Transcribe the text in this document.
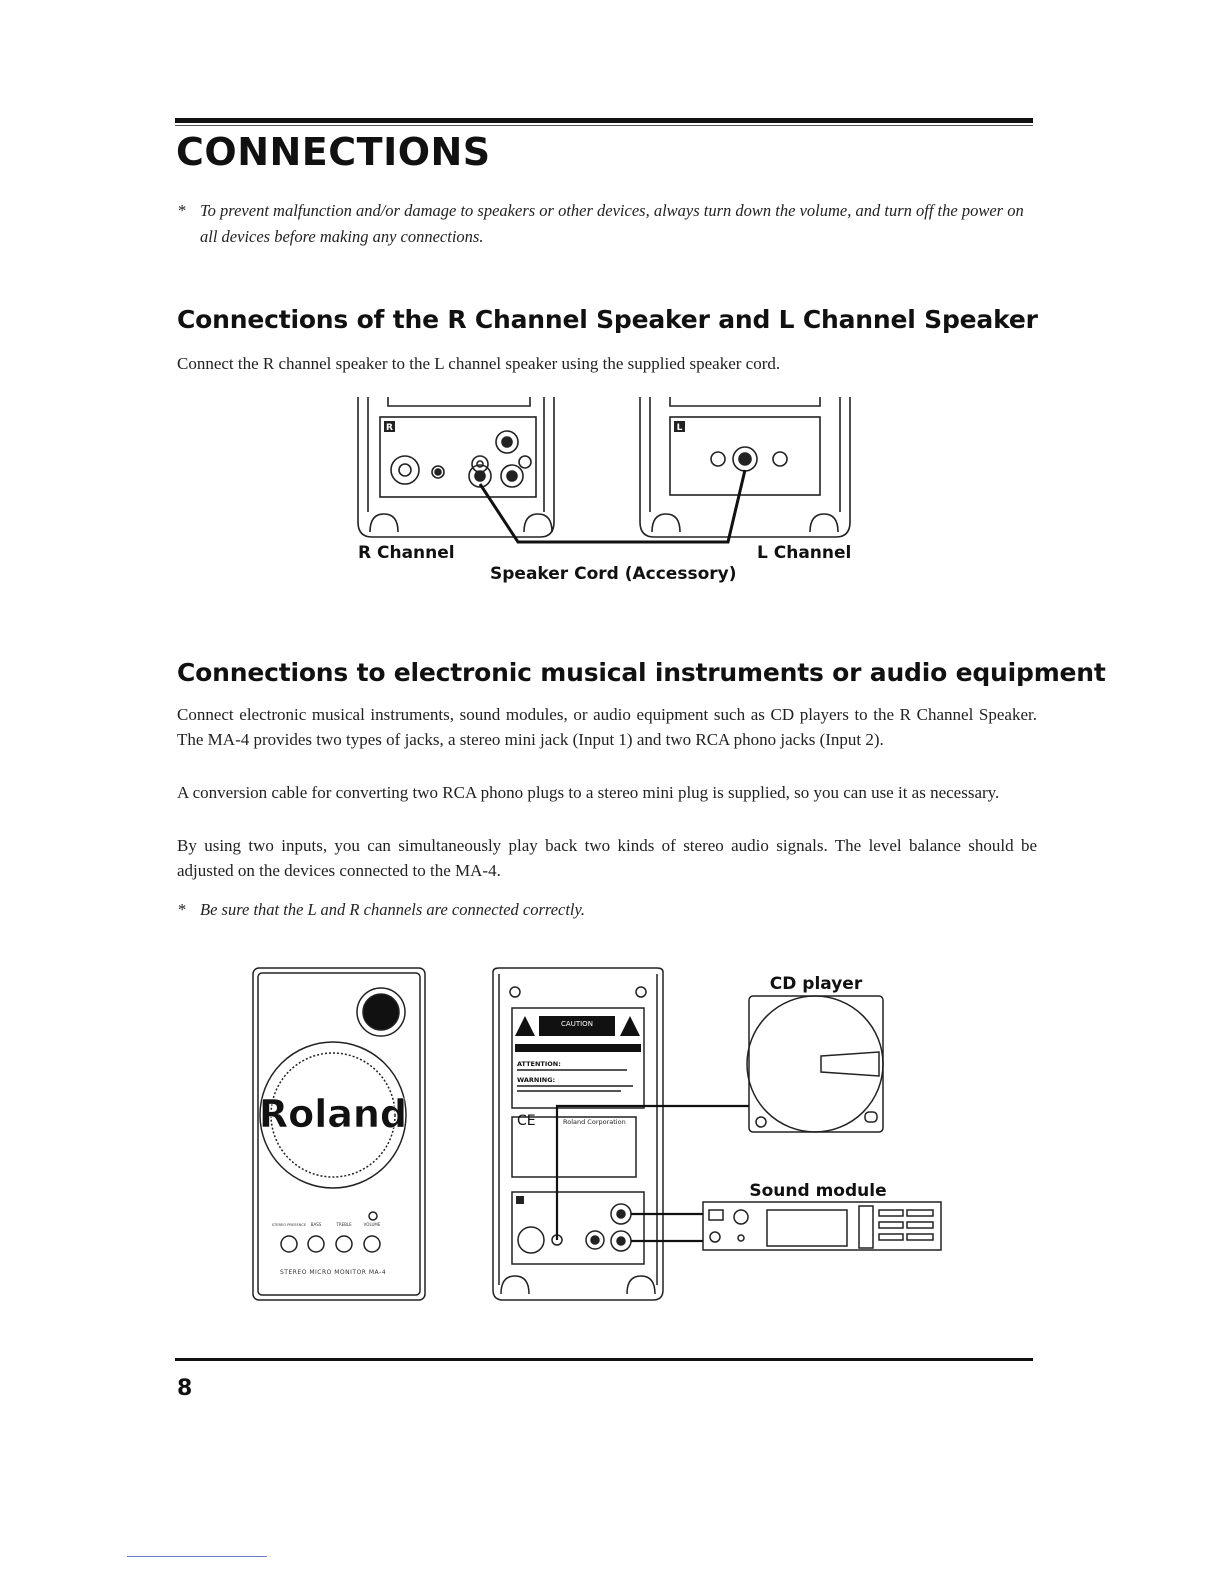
CONNECTIONS
* To prevent malfunction and/or damage to speakers or other devices, always turn down the volume, and turn off the power on all devices before making any connections.
Connections of the R Channel Speaker and L Channel Speaker

Connect the R channel speaker to the L channel speaker using the supplied speaker cord.

R	L

R Channel	L Channel

Speaker Cord (Accessory)

Connections to electronic musical instruments or audio equipment

Connect electronic musical instruments, sound modules, or audio equipment such as CD players to the R Channel Speaker. The MA-4 provides two types of jacks, a stereo mini jack (Input 1) and two RCA phono jacks (Input 2).

A conversion cable for converting two RCA phono plugs to a stereo mini plug is supplied, so you can use it as necessary.

By using two inputs, you can simultaneously play back two kinds of stereo audio signals. The level balance should be adjusted on the devices connected to the MA-4.

* Be sure that the L and R channels are connected correctly.
Roland
STEREO PRESENCE BASS	TREBLE	VOLUME
STEREO MICRO MONITOR MA-4
CAUTION
ATTENTION:
WARNING:
CE	Roland Corporation
CD player
Sound module
8
